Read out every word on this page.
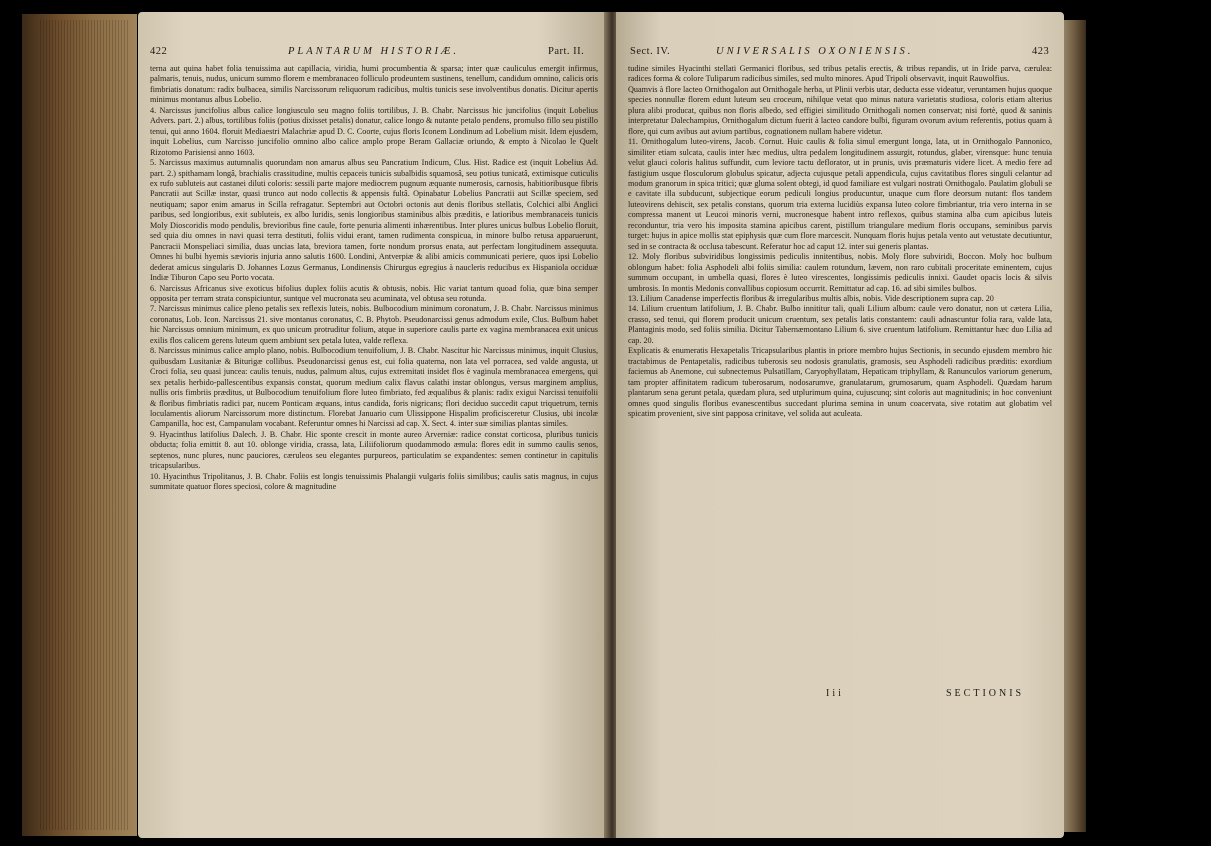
422	PLANTARUM HISTORIÆ.	Part. II.

terna aut quina habet folia tenuissima aut capillacia, viridia, humi procumbentia & sparsa; inter quæ cauliculus emergit infirmus, palmaris, tenuis, nudus, unicum summo florem e membranaceo folliculo prodeuntem sustinens, tenellum, candidum omnino, calicis oris fimbriatis donatum: radix bulbacea, similis Narcissorum reliquorum radicibus, multis tunicis sese involventibus donatis. Dicitur apertis minimus montanus albus Lobelio.

4. Narcissus juncifolius albus calice longiusculo seu magno foliis tortilibus, J. B. Chabr. Narcissus hic juncifolius (inquit Lobelius Advers. part. 2.) albus, tortilibus foliis (potius dixisset petalis) donatur, calice longo & nutante petalo pendens, promulso fillo seu pistillo tenui, qui anno 1604. floruit Mediaestri Malachriæ apud D. C. Coorte, cujus floris Iconem Londinum ad Lobelium misit. Idem ejusdem, inquit Lobelius, cum Narcisso juncifolio omnino albo calice amplo prope Beram Gallaciæ oriundo, & empto à Nicolao le Quelt Rizotomo Parisiensi anno 1603.

5. Narcissus maximus autumnalis quorundam non amarus albus seu Pancratium Indicum, Clus. Hist. Radice est (inquit Lobelius Ad. part. 2.) spithamam longâ, brachialis crassitudine, multis cepaceis tunicis subalbidis squamosâ, seu potius tunicatâ, extimisque cuticulis ex rufo subluteis aut castanei diluti coloris: sessili parte majore mediocrem pugnum æquante numerosis, carnosis, habitioribusque fibris Pancratii aut Scillæ instar, quasi trunco aut nodo collectis & appensis fultâ. Opinabatur Lobelius Pancratii aut Scillæ speciem, sed neutiquam; sapor enim amarus in Scilla refragatur. Septembri aut Octobri octonis aut denis floribus stellatis, Colchici albi Anglici paribus, sed longioribus, exit subluteis, ex albo luridis, senis longioribus staminibus albis præditis, e latioribus membranaceis tunicis Moly Dioscoridis modo pendulis, brevioribus fine caule, forte penuria alimenti inhærentibus. Inter plures unicus bulbus Lobelio floruit, sed quia diu omnes in navi quasi terra destituti, foliis vidui erant, tamen rudimenta conspicua, in minore bulbo retusa apparuerunt, Pancracii Monspeliaci similia, duas uncias lata, breviora tamen, forte nondum prorsus enata, aut perfectam longitudinem assequuta. Omnes hi bulbi hyemis sævioris injuria anno salutis 1600. Londini, Antverpiæ & alibi amicis communicati periere, quos ipsi Lobelio dederat amicus singularis D. Johannes Lozus Germanus, Londinensis Chirurgus egregius à naucleris reducibus ex Hispaniola occiduæ Indiæ Tiburon Capo seu Porto vocata.

6. Narcissus Africanus sive exoticus bifolius duplex foliis acutis & obtusis, nobis. Hic variat tantum quoad folia, quæ bina semper opposita per terram strata conspiciuntur, suntque vel mucronata seu acuminata, vel obtusa seu rotunda.

7. Narcissus minimus calice pleno petalis sex reflexis luteis, nobis. Bulbocodium minimum coronatum, J. B. Chabr. Narcissus minimus coronatus, Lob. Icon. Narcissus 21. sive montanus coronatus, C. B. Phytob. Pseudonarcissi genus admodum exile, Clus. Bulbum habet hic Narcissus omnium minimum, ex quo unicum protruditur folium, atque in superiore caulis parte ex vagina membranacea exit unicus exilis flos calicem gerens luteum quem ambiunt sex petala lutea, valde reflexa.

8. Narcissus minimus calice amplo plano, nobis. Bulbocodium tenuifolium, J. B. Chabr. Nascitur hic Narcissus minimus, inquit Clusius, quibusdam Lusitaniæ & Biturigæ collibus. Pseudonarcissi genus est, cui folia quaterna, non lata vel porracea, sed valde angusta, ut Croci folia, seu quasi juncea: caulis tenuis, nudus, palmum altus, cujus extremitati insidet flos è vaginula membranacea emergens, qui sex petalis herbido-pallescentibus expansis constat, quorum medium calix flavus calathi instar oblongus, versus marginem amplius, nullis oris fimbriis præditus, ut Bulbocodium tenuifolium flore luteo fimbriato, fed æqualibus & planis: radix exigui Narcissi tenuifolii & floribus fimbriatis radici par, nucem Ponticam æquans, intus candida, foris nigricans; flori deciduo succedit caput triquetrum, ternis loculamentis aliorum Narcissorum more distinctum. Florebat Januario cum Ulissippone Hispalim proficisceretur Clusius, ubi incolæ Campanilla, hoc est, Campanulam vocabant. Referuntur omnes hi Narcissi ad cap. X. Sect. 4. inter suæ similias plantas similes.

9. Hyacinthus latifolius Dalech. J. B. Chabr. Hic sponte crescit in monte aureo Arverniæ: radice constat corticosa, pluribus tunicis obducta; folia emittit 8. aut 10. oblonge viridia, crassa, lata, Liliifoliorum quodammodo æmula: flores edit in summo caulis senos, septenos, nunc plures, nunc pauciores, cæruleos seu elegantes purpureos, particulatim se expandentes: semen continetur in capitulis tricapsularibus.

10. Hyacinthus Tripolitanus, J. B. Chabr. Foliis est longis tenuissimis Phalangii vulgaris foliis similibus; caulis satis magnus, in cujus summitate quatuor flores speciosi, colore & magnitudine

Sect. IV.	UNIVERSALIS OXONIENSIS.	423

tudine similes Hyacinthi stellati Germanici floribus, sed tribus petalis erectis, & tribus repandis, ut in Iride parva, cærulea: radices forma & colore Tuliparum radicibus similes, sed multo minores. Apud Tripoli observavit, inquit Rauwolfius.

Quamvis à flore lacteo Ornithogalon aut Ornithogale herba, ut Plinii verbis utar, deducta esse videatur, veruntamen hujus quoque species nonnullæ florem edunt luteum seu croceum, nihilque vetat quo minus natura varietatis studiosa, coloris etiam alterius plura alibi producat, quibus non floris albedo, sed effigiei similitudo Ornithogali nomen conservat; nisi fortè, quod & saninis interpretatur Dalechampius, Ornithogalum dictum fuerit à lacteo candore bulbi, figuram ovorum avium referentis, potius quam à flore, qui cum avibus aut avium partibus, cognationem nullam habere videtur.

11. Ornithogalum luteo-virens, Jacob. Cornut. Huic caulis & folia simul emergunt longa, lata, ut in Ornithogalo Pannonico, similiter etiam sulcata, caulis inter hæc medius, ultra pedalem longitudinem assurgit, rotundus, glaber, virensque: hunc tenuia velut glauci coloris halitus suffundit, cum leviore tactu deflorator, ut in prunis, uvis præmaturis videre licet. A medio fere ad fastigium usque flosculorum globulus spicatur, adjecta cujusque petali appendicula, cujus cavitatibus flores singuli celantur ad modum granorum in spica tritici; quæ gluma solent obtegi, id quod familiare est vulgari nostrati Ornithogalo. Paulatim globuli se e cavitate illa subducunt, subjectique eorum pediculi longius producuntur, unaque cum flore deorsum nutant: flos tandem luteovirens dehiscit, sex petalis constans, quorum tria externa lucidiùs expansa luteo colore fimbriantur, tria vero interna in se compressa manent ut Leucoi minoris verni, mucronesque habent intro reflexos, quibus stamina alba cum apicibus luteis reconduntur, tria vero his imposita stamina apicibus carent, pistillum triangulare medium floris occupans, seminibus parvis turget: hujus in apice mollis stat epiphysis quæ cum flore marcescit. Nunquam floris hujus petala vento aut vetustate decutiuntur, sed in se contracta & occlusa tabescunt. Referatur hoc ad caput 12. inter sui generis plantas.

12. Moly floribus subviridibus longissimis pediculis innitentibus, nobis. Moly flore subviridi, Boccon. Moly hoc bulbum oblongum habet: folia Asphodeli albi foliis similia: caulem rotundum, lævem, non raro cubitali proceritate eminentem, cujus summum occupant, in umbella quasi, flores è luteo virescentes, longissimis pediculis innixi. Gaudet opacis locis & silvis umbrosis. In montis Medonis convallibus copiosum occurrit. Remittatur ad cap. 16. ad sibi similes bulbos.

13. Lilium Canadense imperfectis floribus & irregularibus multis albis, nobis. Vide descriptionem supra cap. 20

14. Lilium cruentum latifolium, J. B. Chabr. Bulbo innititur tali, quali Lilium album: caule vero donatur, non ut cætera Lilia, crasso, sed tenui, qui florem producit unicum cruentum, sex petalis latis constantem: cauli adnascuntur folia rara, valde lata, Plantaginis modo, sed foliis similia. Dicitur Tabernæmontano Lilium 6. sive cruentum latifolium. Remittantur hæc duo Lilia ad cap. 20.

Explicatis & enumeratis Hexapetalis Tricapsularibus plantis in priore membro hujus Sectionis, in secundo ejusdem membro hic tractabimus de Pentapetalis, radicibus tuberosis seu nodosis granulatis, gramosis, seu Asphodeli radicibus præditis: exordium faciemus ab Anemone, cui subnectemus Pulsatillam, Caryophyllatam, Hepaticam triphyllam, & Ranunculos variorum generum, tam propter affinitatem radicum tuberosarum, nodosarumve, granulatarum, grumosarum, quam Asphodeli. Quædam harum plantarum sena gerunt petala, quædam plura, sed utplurimum quina, cujuscunq; sint coloris aut magnitudinis; in hoc conveniunt omnes quod singulis floribus evanescentibus succedant plurima semina in unum coacervata, sive rotatim aut globatim vel spicatim provenient, sive sint papposa crinitave, vel solida aut aculeata.

Iii	SECTIONIS
